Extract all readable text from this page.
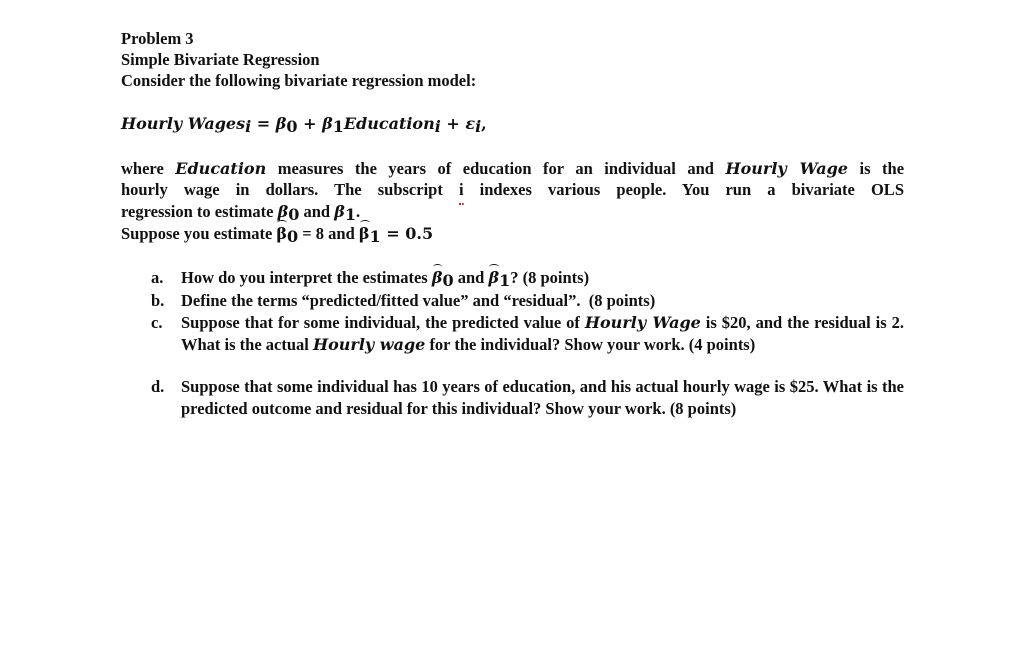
Problem 3
Simple Bivariate Regression
Consider the following bivariate regression model:
Hourly Wages$_i$ = $\beta_0$ + $\beta_1Education_i + \varepsilon_i$,
where Education measures the years of education for an individual and Hourly Wage is the
hourly wage in dollars. The subscript i indexes various people. You run a bivariate OLS
regression to estimate $\beta_0$ and $\beta_1$.
Suppose you estimate $\beta_0 = 8$ and $\beta_1 = 0.5$
a. How do you interpret the estimates $\beta_0$ and $\beta_1$? (8 points)
b. Define the terms “predicted/fitted value” and “residual”.  (8 points)
c. Suppose that for some individual, the predicted value of Hourly Wage is $20, and the residual is 2. What is the actual Hourly wage for the individual? Show your work. (4 points)
d. Suppose that some individual has 10 years of education, and his actual hourly wage is $25. What is the predicted outcome and residual for this individual? Show your work. (8 points)
